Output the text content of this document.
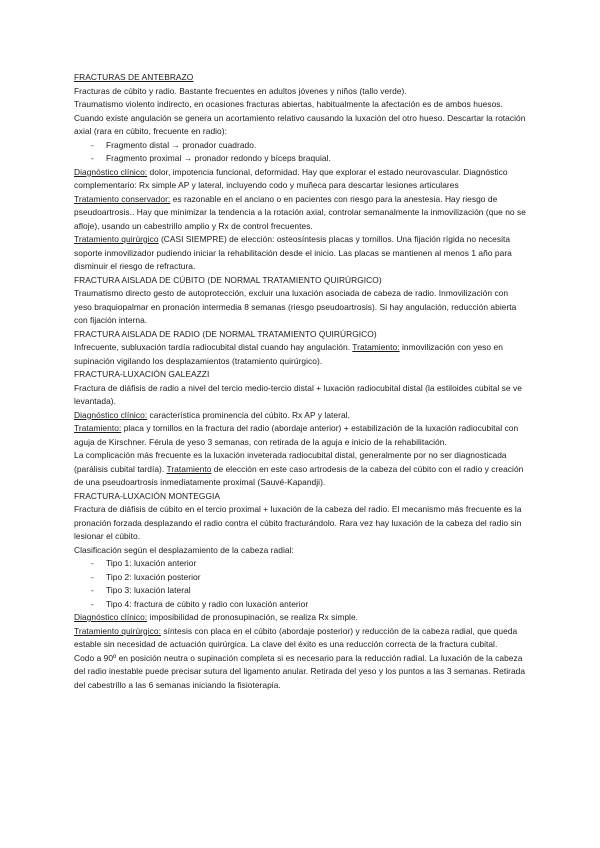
FRACTURAS DE ANTEBRAZO

Fracturas de cúbito y radio. Bastante frecuentes en adultos jóvenes y niños (tallo verde).

Traumatismo violento indirecto, en ocasiones fracturas abiertas, habitualmente la afectación es de ambos huesos.

Cuando existe angulación se genera un acortamiento relativo causando la luxación del otro hueso. Descartar la rotación axial (rara en cúbito, frecuente en radio):

- Fragmento distal → pronador cuadrado.
- Fragmento proximal → pronador redondo y bíceps braquial.

Diagnóstico clínico: dolor, impotencia funcional, deformidad. Hay que explorar el estado neurovascular. Diagnóstico complementario: Rx simple AP y lateral, incluyendo codo y muñeca para descartar lesiones articulares

Tratamiento conservador: es razonable en el anciano o en pacientes con riesgo para la anestesia. Hay riesgo de pseudoartrosis.. Hay que minimizar la tendencia a la rotación axial, controlar semanalmente la inmovilización (que no se afloje), usando un cabestrillo amplio y Rx de control frecuentes.

Tratamiento quirúrgico (CASI SIEMPRE) de elección: osteosíntesis placas y tornillos. Una fijación rígida no necesita soporte inmovilizador pudiendo iniciar la rehabilitación desde el inicio. Las placas se mantienen al menos 1 año para disminuir el riesgo de refractura.

FRACTURA AISLADA DE CÚBITO (DE NORMAL TRATAMIENTO QUIRÚRGICO)

Traumatismo directo gesto de autoprotección, excluir una luxación asociada de cabeza de radio. Inmovilización con yeso braquiopalmar en pronación intermedia 8 semanas (riesgo pseudoartrosis). Si hay angulación, reducción abierta con fijación interna.

FRACTURA AISLADA DE RADIO (DE NORMAL TRATAMIENTO QUIRÚRGICO)

Infrecuente, subluxación tardía radiocubital distal cuando hay angulación. Tratamiento: inmovilización con yeso en supinación vigilando los desplazamientos (tratamiento quirúrgico).

FRACTURA-LUXACIÓN GALEAZZI

Fractura de diáfisis de radio a nivel del tercio medio-tercio distal + luxación radiocubital distal (la estiloides cubital se ve levantada).

Diagnóstico clínico: característica prominencia del cúbito. Rx AP y lateral.

Tratamiento: placa y tornillos en la fractura del radio (abordaje anterior) + estabilización de la luxación radiocubital con aguja de Kirschner. Férula de yeso 3 semanas, con retirada de la aguja e inicio de la rehabilitación.

La complicación más frecuente es la luxación inveterada radiocubital distal, generalmente por no ser diagnosticada (parálisis cubital tardía). Tratamiento de elección en este caso artrodesis de la cabeza del cúbito con el radio y creación de una pseudoartrosis inmediatamente proximal (Sauvé-Kapandji).

FRACTURA-LUXACIÓN MONTEGGIA

Fractura de diáfisis de cúbito en el tercio proximal + luxación de la cabeza del radio. El mecanismo más frecuente es la pronación forzada desplazando el radio contra el cúbito fracturándolo. Rara vez hay luxación de la cabeza del radio sin lesionar el cúbito.

Clasificación según el desplazamiento de la cabeza radial:

- Tipo 1: luxación anterior
- Tipo 2: luxación posterior
- Tipo 3: luxación lateral
- Tipo 4: fractura de cúbito y radio con luxación anterior

Diagnóstico clínico: imposibilidad de pronosupinación, se realiza Rx simple.

Tratamiento quirúrgico: síntesis con placa en el cúbito (abordaje posterior) y reducción de la cabeza radial, que queda estable sin necesidad de actuación quirúrgica. La clave del éxito es una reducción correcta de la fractura cubital.

Codo a 90º en posición neutra o supinación completa si es necesario para la reducción radial. La luxación de la cabeza del radio inestable puede precisar sutura del ligamento anular. Retirada del yeso y los puntos a las 3 semanas. Retirada del cabestrillo a las 6 semanas iniciando la fisioterapia.
